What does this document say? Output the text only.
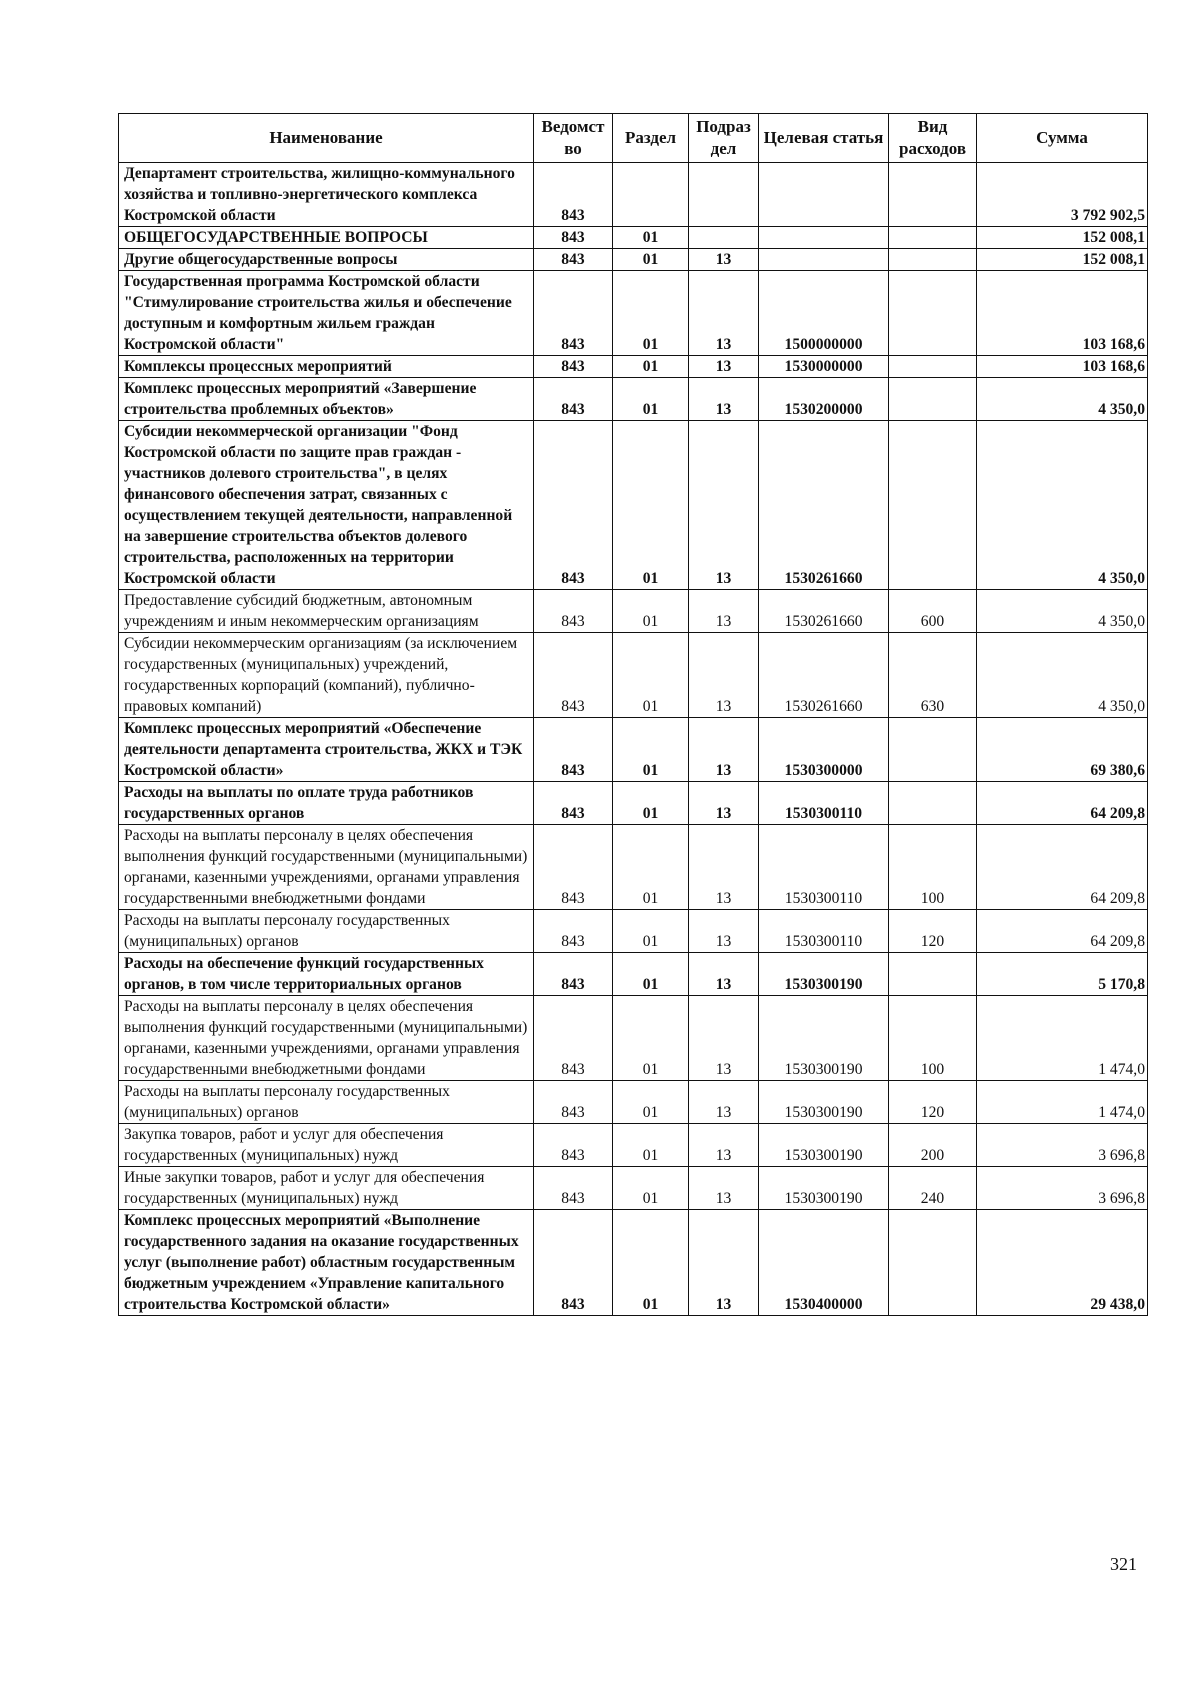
Наименование	Ведомст во	Раздел	Подраз дел	Целевая статья	Вид расходов	Сумма
Департамент строительства, жилищно-коммунального хозяйства и топливно-энергетического комплекса Костромской области	843					3 792 902,5
ОБЩЕГОСУДАРСТВЕННЫЕ ВОПРОСЫ	843	01				152 008,1
Другие общегосударственные вопросы	843	01	13			152 008,1
Государственная программа Костромской области "Стимулирование строительства жилья и обеспечение доступным и комфортным жильем граждан Костромской области"	843	01	13	1500000000		103 168,6
Комплексы процессных мероприятий	843	01	13	1530000000		103 168,6
Комплекс процессных мероприятий «Завершение строительства проблемных объектов»	843	01	13	1530200000		4 350,0
Субсидии некоммерческой организации "Фонд Костромской области по защите прав граждан - участников долевого строительства", в целях финансового обеспечения затрат, связанных с осуществлением текущей деятельности, направленной на завершение строительства объектов долевого строительства, расположенных на территории Костромской области	843	01	13	1530261660		4 350,0
Предоставление субсидий бюджетным, автономным учреждениям и иным некоммерческим организациям	843	01	13	1530261660	600	4 350,0
Субсидии некоммерческим организациям (за исключением государственных (муниципальных) учреждений, государственных корпораций (компаний), публично-правовых компаний)	843	01	13	1530261660	630	4 350,0
Комплекс процессных мероприятий «Обеспечение деятельности департамента строительства, ЖКХ и ТЭК Костромской области»	843	01	13	1530300000		69 380,6
Расходы на выплаты по оплате труда работников государственных органов	843	01	13	1530300110		64 209,8
Расходы на выплаты персоналу в целях обеспечения выполнения функций государственными (муниципальными) органами, казенными учреждениями, органами управления государственными внебюджетными фондами	843	01	13	1530300110	100	64 209,8
Расходы на выплаты персоналу государственных (муниципальных) органов	843	01	13	1530300110	120	64 209,8
Расходы на обеспечение функций государственных органов, в том числе территориальных органов	843	01	13	1530300190		5 170,8
Расходы на выплаты персоналу в целях обеспечения выполнения функций государственными (муниципальными) органами, казенными учреждениями, органами управления государственными внебюджетными фондами	843	01	13	1530300190	100	1 474,0
Расходы на выплаты персоналу государственных (муниципальных) органов	843	01	13	1530300190	120	1 474,0
Закупка товаров, работ и услуг для обеспечения государственных (муниципальных) нужд	843	01	13	1530300190	200	3 696,8
Иные закупки товаров, работ и услуг для обеспечения государственных (муниципальных) нужд	843	01	13	1530300190	240	3 696,8
Комплекс процессных мероприятий «Выполнение государственного задания на оказание государственных услуг (выполнение работ) областным государственным бюджетным учреждением «Управление капитального строительства Костромской области»	843	01	13	1530400000		29 438,0
321
